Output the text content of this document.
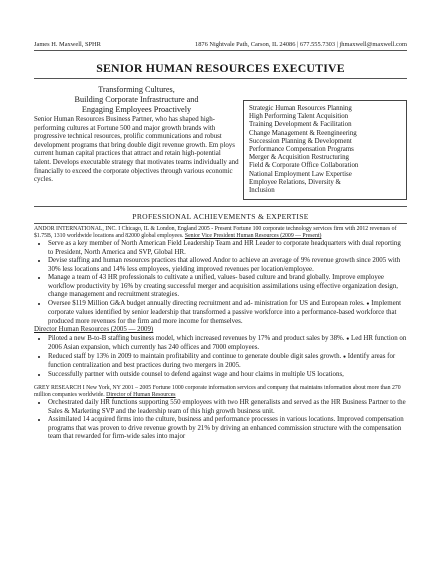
James H. Maxwell, SPHR	1876 Nightvale Path, Carson, IL 24086 | 677.555.7303 | jhmaxwell@maxwell.com
SENIOR HUMAN RESOURCES EXECUTIVE
Transforming Cultures,
Building Corporate Infrastructure and
Engaging Employees Proactively
Senior Human Resources Business Partner, who has shaped high-performing cultures at Fortune 500 and major growth brands with progressive technical resources, prolific communications and robust development programs that bring double digit revenue growth. Em ploys current human capital practices that attract and retain high-potential talent. Develops executable strategy that motivates teams individually and financially to exceed the corporate objectives through various economic cycles.
Strategic Human Resources Planning
High Performing Talent Acquisition
Training Development & Facilitation
Change Management & Reengineering
Succession Planning & Development
Performance Compensation Programs
Merger & Acquisition Restructuring
Field & Corporate Office Collaboration
National Employment Law Expertise
Employee Relations, Diversity &
Inclusion
PROFESSIONAL ACHIEVEMENTS & EXPERTISE
ANDOR INTERNATIONAL, INC. I Chicago, IL & London, England 2005 - Present Fortune 100 corporate technology services firm with 2012 revenues of $1.75B, 1310 worldwide locations and 82000 global employees. Senior Vice President Human Resources (2009 — Present)
• Serve as a key member of North American Field Leadership Team and HR Leader to corporate headquarters with dual reporting to President, North America and SVP, Global HR.
• Devise staffing and human resources practices that allowed Andor to achieve an average of 9% revenue growth since 2005 with 30% less locations and 14% less employees, yielding improved revenues per location/employee.
• Manage a team of 43 HR professionals to cultivate a unified, values- based culture and brand globally. Improve employee workflow productivity by 16% by creating successful merger and acquisition assimilations using effective organization design, change management and recruitment strategies.
• Oversee $119 Million G&A budget annually directing recruitment and ad- ministration for US and European roles. ● Implement corporate values identified by senior leadership that transformed a passive workforce into a performance-based workforce that produced more revenues for the firm and more income for themselves.
Director Human Resources (2005 — 2009)
• Piloted a new B-to-B staffing business model, which increased revenues by 17% and product sales by 38%. ● Led HR function on 2006 Asian expansion, which currently has 240 offices and 7000 employees.
• Reduced staff by 13% in 2009 to maintain profitability and continue to generate double digit sales growth. ● Identify areas for function centralization and best practices during two mergers in 2005.
• Successfully partner with outside counsel to defend against wage and hour claims in multiple US locations,
GREY RESEARCH I New York, NY 2001 – 2005 Fortune 1000 corporate information services and company that maintains information about more than 270 million companies worldwide. Director of Human Resources
• Orchestrated daily HR functions supporting 550 employees with two HR generalists and served as the HR Business Partner to the Sales & Marketing SVP and the leadership team of this high growth business unit.
• Assimilated 14 acquired firms into the culture, business and performance processes in various locations. Improved compensation programs that was proven to drive revenue growth by 21% by driving an enhanced commission structure with the compensation team that rewarded for firm-wide sales into major
